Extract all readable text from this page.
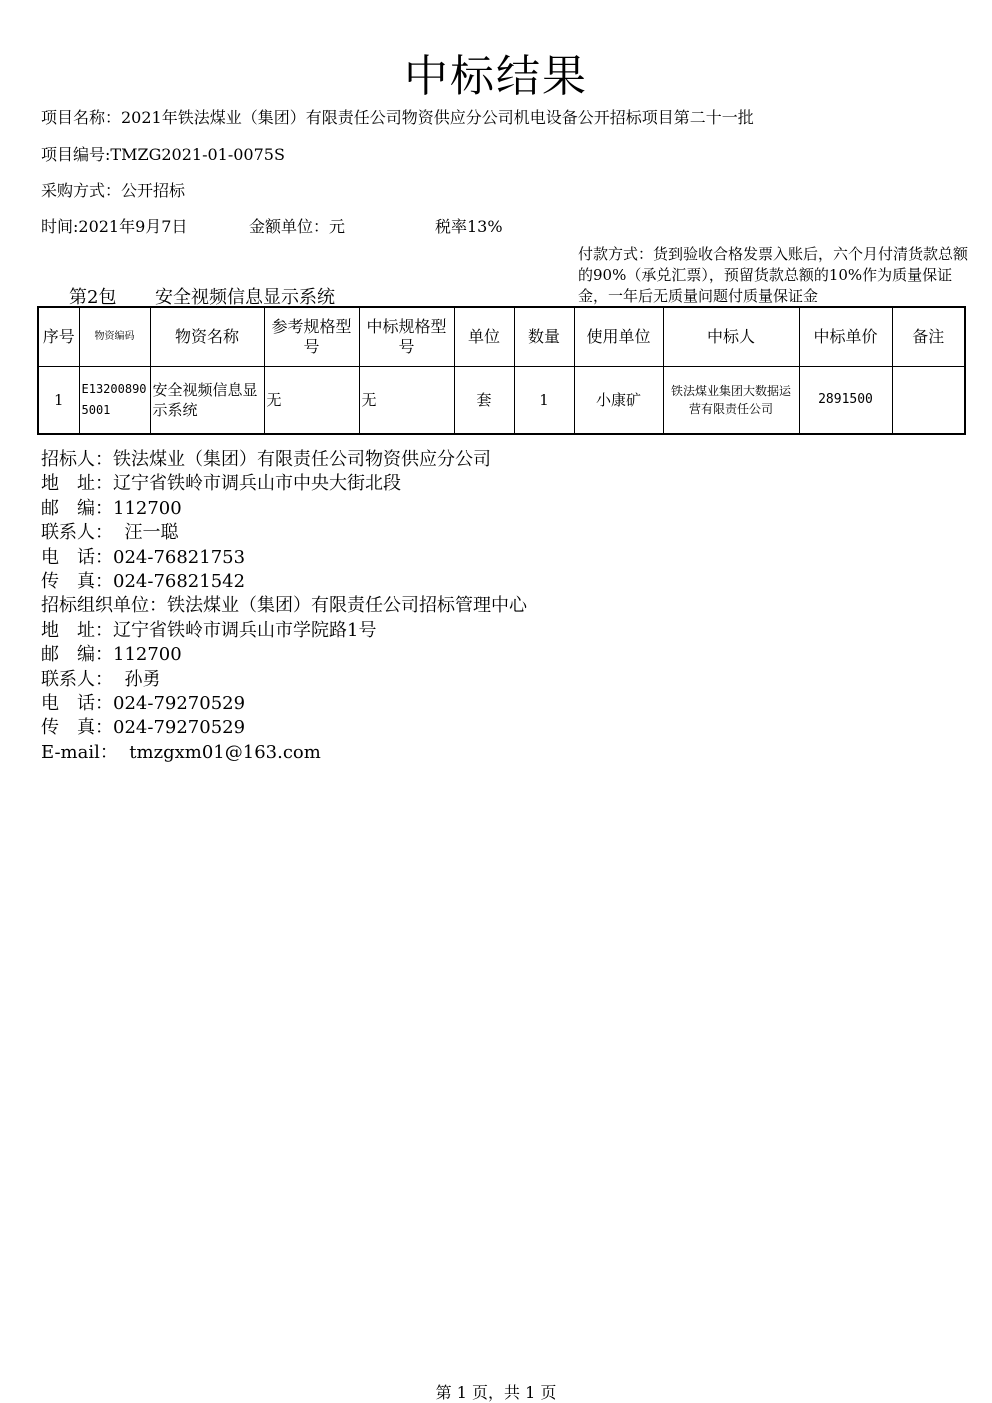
中标结果
项目名称：2021年铁法煤业（集团）有限责任公司物资供应分公司机电设备公开招标项目第二十一批
项目编号:TMZG2021-01-0075S
采购方式：公开招标
时间:2021年9月7日	金额单位：元	税率13%
付款方式：货到验收合格发票入账后，六个月付清货款总额的90%（承兑汇票），预留货款总额的10%作为质量保证金，一年后无质量问题付质量保证金
第2包 安全视频信息显示系统
序号	物资编码	物资名称	参考规格型号	中标规格型号	单位	数量	使用单位	中标人	中标单价	备注
1	E132008905001	安全视频信息显示系统	无	无	套	1	小康矿	铁法煤业集团大数据运营有限责任公司	2891500	
招标人：铁法煤业（集团）有限责任公司物资供应分公司
地　址：辽宁省铁岭市调兵山市中央大街北段
邮　编：112700
联系人：  汪一聪
电　话：024-76821753
传　真：024-76821542
招标组织单位：铁法煤业（集团）有限责任公司招标管理中心
地　址：辽宁省铁岭市调兵山市学院路1号
邮　编：112700
联系人：  孙勇
电　话：024-79270529
传　真：024-79270529
E-mail：  tmzgxm01@163.com
第 1 页，共 1 页
